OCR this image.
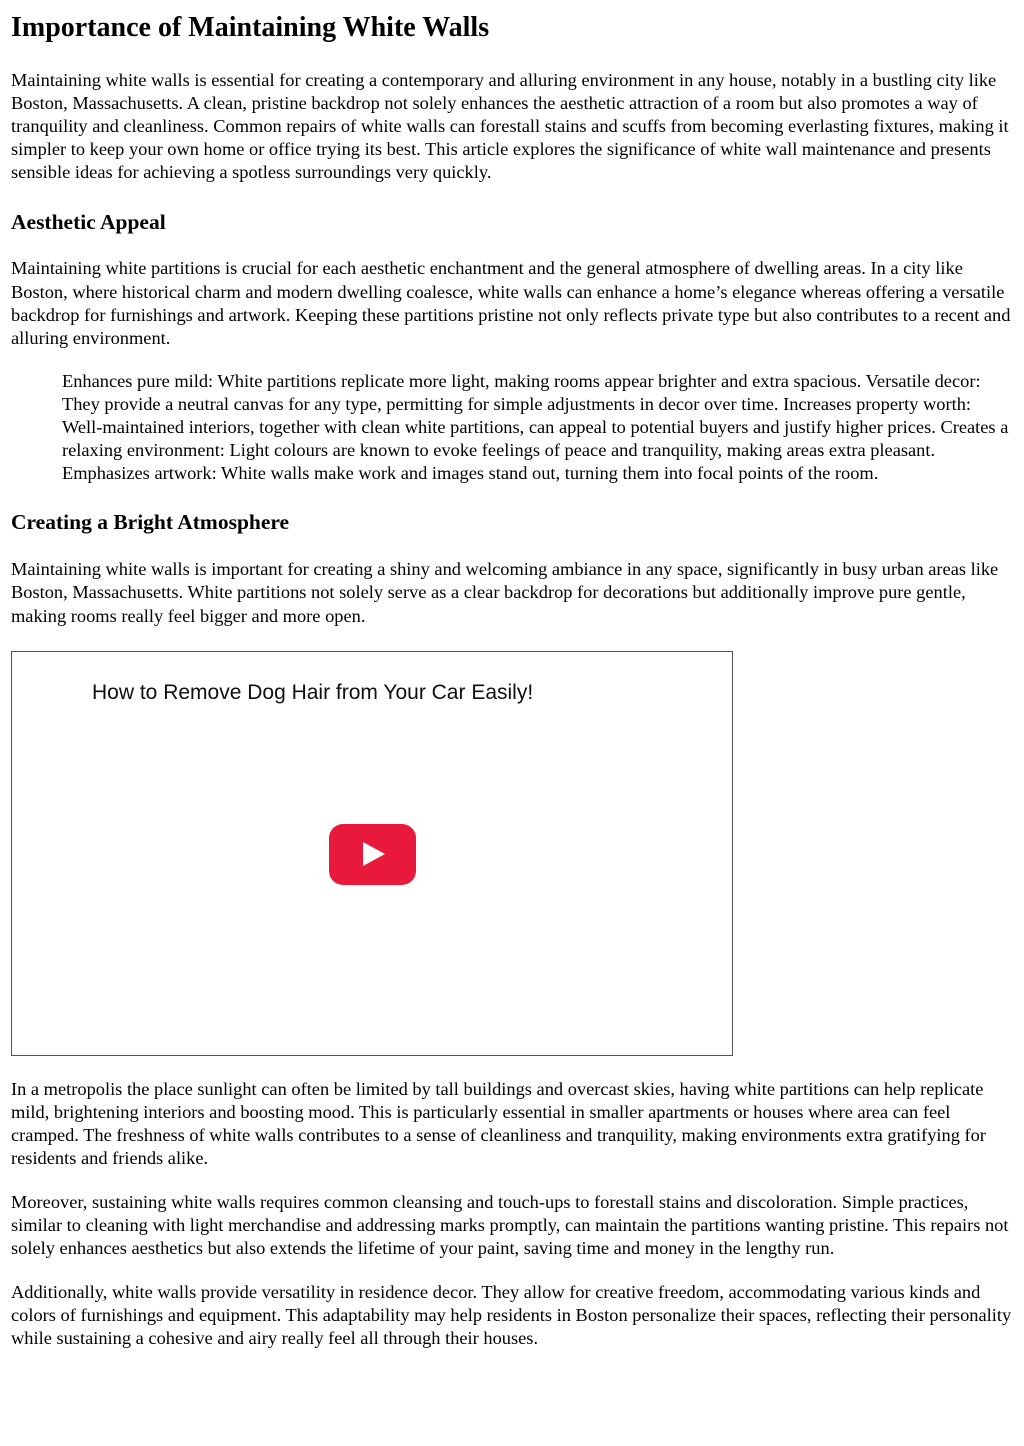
Importance of Maintaining White Walls

Maintaining white walls is essential for creating a contemporary and alluring environment in any house, notably in a bustling city like Boston, Massachusetts. A clean, pristine backdrop not solely enhances the aesthetic attraction of a room but also promotes a way of tranquility and cleanliness. Common repairs of white walls can forestall stains and scuffs from becoming everlasting fixtures, making it simpler to keep your own home or office trying its best. This article explores the significance of white wall maintenance and presents sensible ideas for achieving a spotless surroundings very quickly.

Aesthetic Appeal

Maintaining white partitions is crucial for each aesthetic enchantment and the general atmosphere of dwelling areas. In a city like Boston, where historical charm and modern dwelling coalesce, white walls can enhance a home’s elegance whereas offering a versatile backdrop for furnishings and artwork. Keeping these partitions pristine not only reflects private type but also contributes to a recent and alluring environment.

Enhances pure mild: White partitions replicate more light, making rooms appear brighter and extra spacious. Versatile decor: They provide a neutral canvas for any type, permitting for simple adjustments in decor over time. Increases property worth: Well-maintained interiors, together with clean white partitions, can appeal to potential buyers and justify higher prices. Creates a relaxing environment: Light colours are known to evoke feelings of peace and tranquility, making areas extra pleasant. Emphasizes artwork: White walls make work and images stand out, turning them into focal points of the room.
Creating a Bright Atmosphere

Maintaining white walls is important for creating a shiny and welcoming ambiance in any space, significantly in busy urban areas like Boston, Massachusetts. White partitions not solely serve as a clear backdrop for decorations but additionally improve pure gentle, making rooms really feel bigger and more open.

How to Remove Dog Hair from Your Car Easily!

In a metropolis the place sunlight can often be limited by tall buildings and overcast skies, having white partitions can help replicate mild, brightening interiors and boosting mood. This is particularly essential in smaller apartments or houses where area can feel cramped. The freshness of white walls contributes to a sense of cleanliness and tranquility, making environments extra gratifying for residents and friends alike.

Moreover, sustaining white walls requires common cleansing and touch-ups to forestall stains and discoloration. Simple practices, similar to cleaning with light merchandise and addressing marks promptly, can maintain the partitions wanting pristine. This repairs not solely enhances aesthetics but also extends the lifetime of your paint, saving time and money in the lengthy run.

Additionally, white walls provide versatility in residence decor. They allow for creative freedom, accommodating various kinds and colors of furnishings and equipment. This adaptability may help residents in Boston personalize their spaces, reflecting their personality while sustaining a cohesive and airy really feel all through their houses.
